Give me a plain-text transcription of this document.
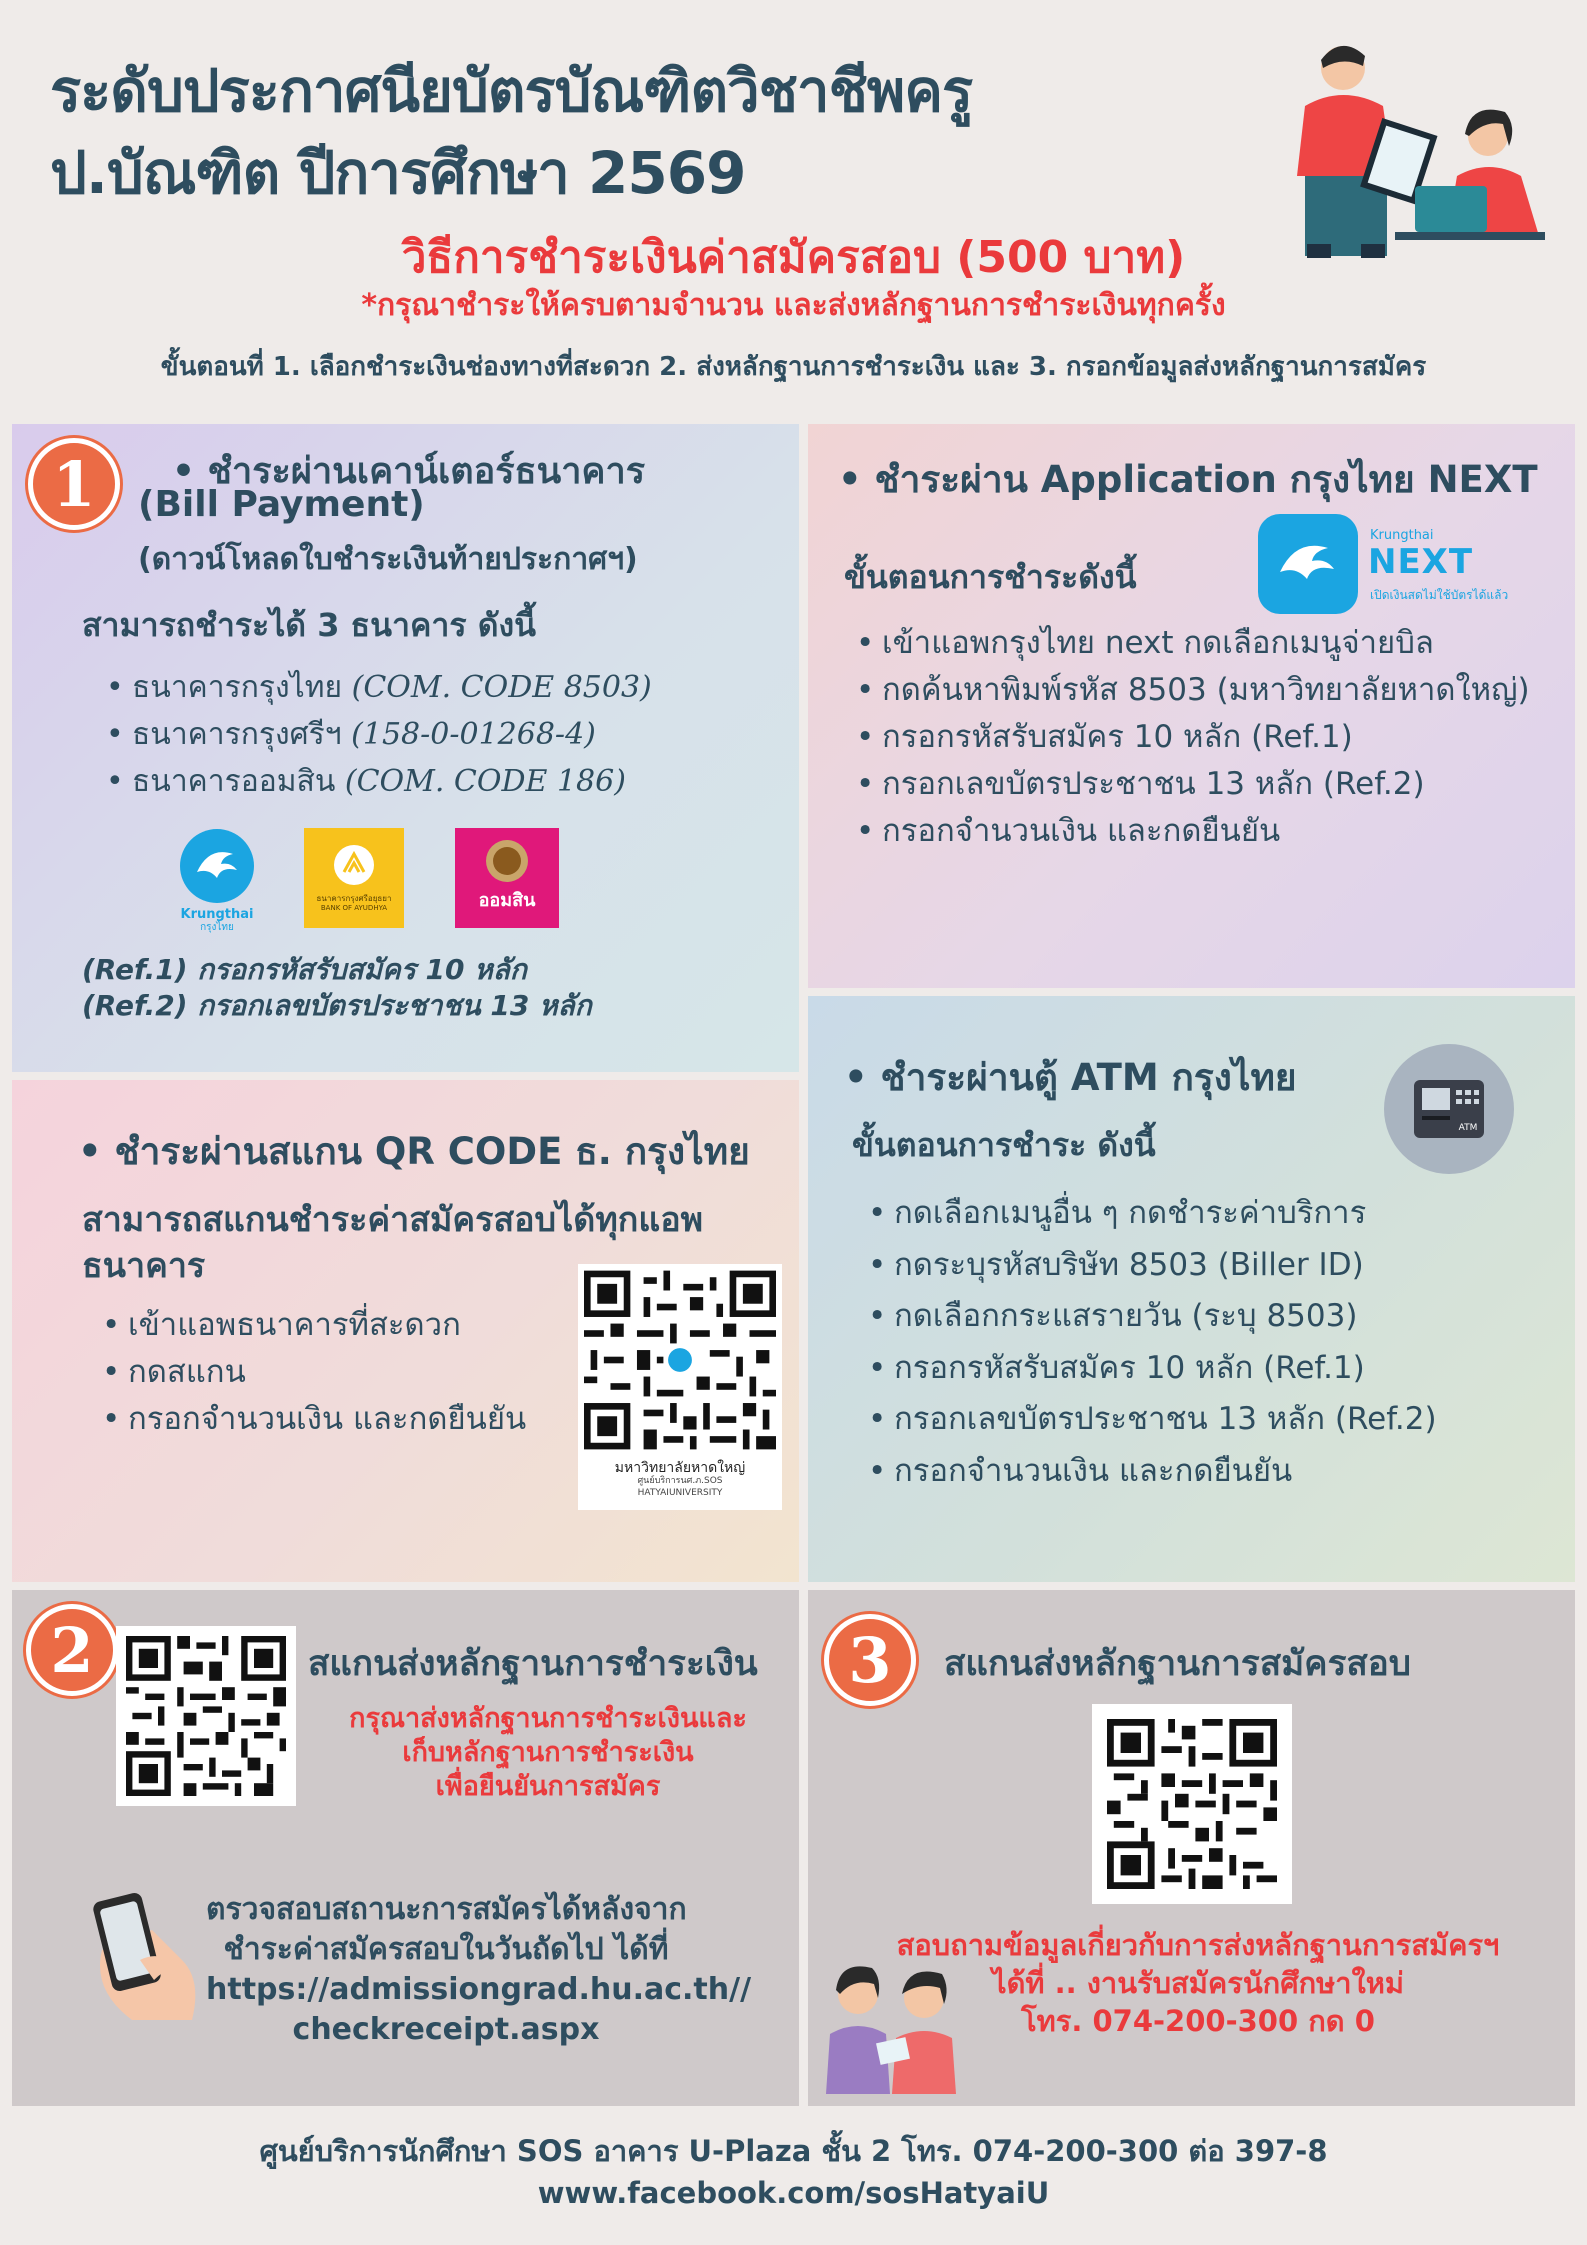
ระดับประกาศนียบัตรบัณฑิตวิชาชีพครู
ป.บัณฑิต ปีการศึกษา 2569
วิธีการชำระเงินค่าสมัครสอบ (500 บาท)
*กรุณาชำระให้ครบตามจำนวน และส่งหลักฐานการชำระเงินทุกครั้ง
ขั้นตอนที่ 1. เลือกชำระเงินช่องทางที่สะดวก 2. ส่งหลักฐานการชำระเงิน และ 3. กรอกข้อมูลส่งหลักฐานการสมัคร
1	• ชำระผ่านเคาน์เตอร์ธนาคาร
(Bill Payment)
(ดาวน์โหลดใบชำระเงินท้ายประกาศฯ)
สามารถชำระได้ 3 ธนาคาร ดังนี้
• ธนาคารกรุงไทย (COM. CODE 8503)
• ธนาคารกรุงศรีฯ (158-0-01268-4)
• ธนาคารออมสิน (COM. CODE 186)
Krungthai
กรุงไทย
ธนาคารกรุงศรีอยุธยา
BANK OF AYUDHYA	ออมสิน
(Ref.1) กรอกรหัสรับสมัคร 10 หลัก
(Ref.2) กรอกเลขบัตรประชาชน 13 หลัก
• ชำระผ่าน Application กรุงไทย NEXT
ขั้นตอนการชำระดังนี้
Krungthai
NEXT
เปิดเงินสดไม่ใช้บัตรได้แล้ว
• เข้าแอพกรุงไทย next กดเลือกเมนูจ่ายบิล
• กดค้นหาพิมพ์รหัส 8503 (มหาวิทยาลัยหาดใหญ่)
• กรอกรหัสรับสมัคร 10 หลัก (Ref.1)
• กรอกเลขบัตรประชาชน 13 หลัก (Ref.2)
• กรอกจำนวนเงิน และกดยืนยัน
• ชำระผ่านสแกน QR CODE ธ. กรุงไทย
สามารถสแกนชำระค่าสมัครสอบได้ทุกแอพ
ธนาคาร
• เข้าแอพธนาคารที่สะดวก
• กดสแกน
• กรอกจำนวนเงิน และกดยืนยัน
มหาวิทยาลัยหาดใหญ่
ศูนย์บริการนศ.ภ.SOS
HATYAIUNIVERSITY
• ชำระผ่านตู้ ATM กรุงไทย
ขั้นตอนการชำระ ดังนี้	ATM
• กดเลือกเมนูอื่น ๆ กดชำระค่าบริการ
• กดระบุรหัสบริษัท 8503 (Biller ID)
• กดเลือกกระแสรายวัน (ระบุ 8503)
• กรอกรหัสรับสมัคร 10 หลัก (Ref.1)
• กรอกเลขบัตรประชาชน 13 หลัก (Ref.2)
• กรอกจำนวนเงิน และกดยืนยัน
2	สแกนส่งหลักฐานการชำระเงิน
กรุณาส่งหลักฐานการชำระเงินและ
เก็บหลักฐานการชำระเงิน
เพื่อยืนยันการสมัคร
ตรวจสอบสถานะการสมัครได้หลังจาก
ชำระค่าสมัครสอบในวันถัดไป ได้ที่
https://admissiongrad.hu.ac.th//
checkreceipt.aspx
3	สแกนส่งหลักฐานการสมัครสอบ
สอบถามข้อมูลเกี่ยวกับการส่งหลักฐานการสมัครฯ
ได้ที่ .. งานรับสมัครนักศึกษาใหม่
โทร. 074-200-300 กด 0
ศูนย์บริการนักศึกษา SOS อาคาร U-Plaza ชั้น 2 โทร. 074-200-300 ต่อ 397-8
www.facebook.com/sosHatyaiU
